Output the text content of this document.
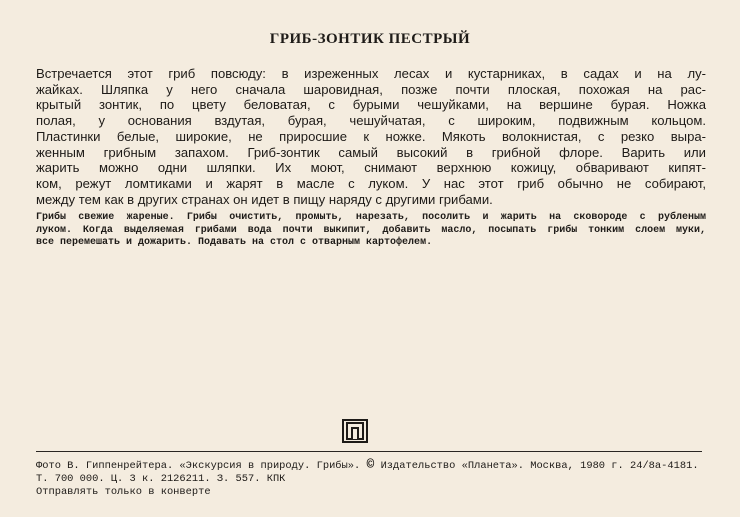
ГРИБ-ЗОНТИК ПЕСТРЫЙ
Встречается этот гриб повсюду: в изреженных лесах и кустарниках, в садах и на лу-
жайках. Шляпка у него сначала шаровидная, позже почти плоская, похожая на рас-
крытый зонтик, по цвету беловатая, с бурыми чешуйками, на вершине бурая. Ножка
полая, у основания вздутая, бурая, чешуйчатая, с широким, подвижным кольцом.
Пластинки белые, широкие, не приросшие к ножке. Мякоть волокнистая, с резко выра-
женным грибным запахом. Гриб-зонтик самый высокий в грибной флоре. Варить или
жарить можно одни шляпки. Их моют, снимают верхнюю кожицу, обваривают кипят-
ком, режут ломтиками и жарят в масле с луком. У нас этот гриб обычно не собирают,
между тем как в других странах он идет в пищу наряду с другими грибами.
Грибы свежие жареные. Грибы очистить, промыть, нарезать, посолить и жарить на сковороде с рубленым
луком. Когда выделяемая грибами вода почти выкипит, добавить масло, посыпать грибы тонким слоем муки,
все перемешать и дожарить. Подавать на стол с отварным картофелем.
Фото В. Гиппенрейтера. «Экскурсия в природу. Грибы». © Издательство «Планета». Москва, 1980 г. 24/8а-4181.
Т. 700 000. Ц. 3 к. 2126211. З. 557. КПК
Отправлять только в конверте
